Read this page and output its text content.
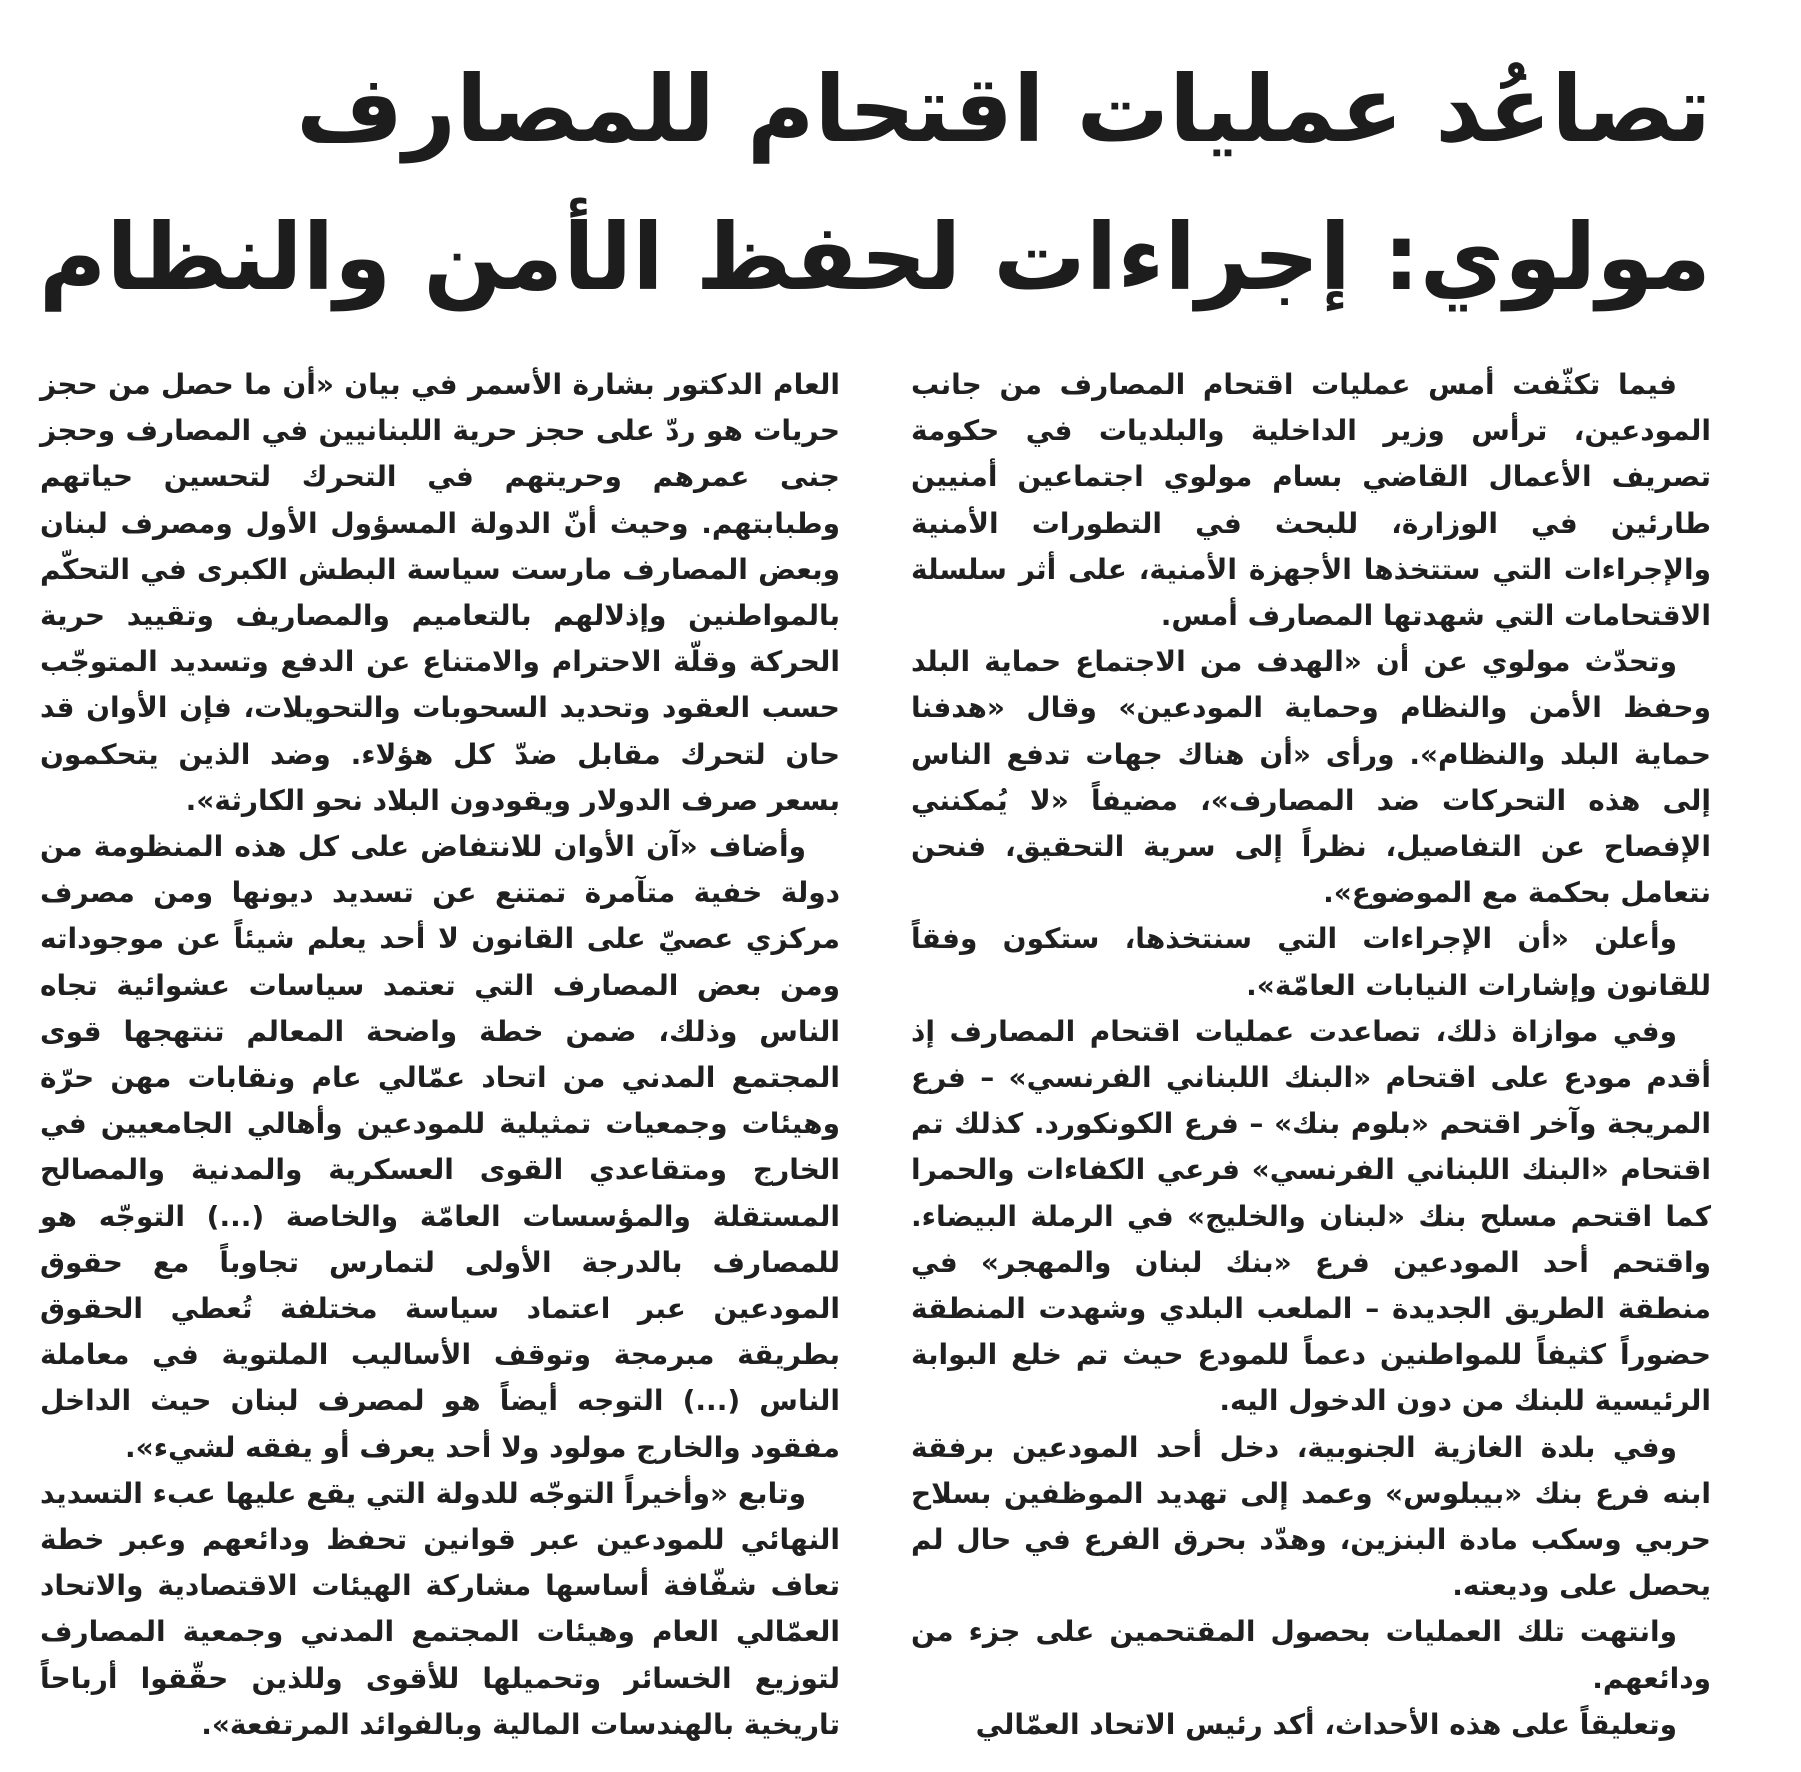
تصاعُد عمليات اقتحام للمصارف
مولوي: إجراءات لحفظ الأمن والنظام

فيما تكثّفت أمس عمليات اقتحام المصارف من جانب المودعين، ترأس وزير الداخلية والبلديات في حكومة تصريف الأعمال القاضي بسام مولوي اجتماعين أمنيين طارئين في الوزارة، للبحث في التطورات الأمنية والإجراءات التي ستتخذها الأجهزة الأمنية، على أثر سلسلة الاقتحامات التي شهدتها المصارف أمس.

وتحدّث مولوي عن أن «الهدف من الاجتماع حماية البلد وحفظ الأمن والنظام وحماية المودعين» وقال «هدفنا حماية البلد والنظام». ورأى «أن هناك جهات تدفع الناس إلى هذه التحركات ضد المصارف»، مضيفاً «لا يُمكنني الإفصاح عن التفاصيل، نظراً إلى سرية التحقيق، فنحن نتعامل بحكمة مع الموضوع».

وأعلن «أن الإجراءات التي سنتخذها، ستكون وفقاً للقانون وإشارات النيابات العامّة».

وفي موازاة ذلك، تصاعدت عمليات اقتحام المصارف إذ أقدم مودع على اقتحام «البنك اللبناني الفرنسي» – فرع المريجة وآخر اقتحم «بلوم بنك» – فرع الكونكورد. كذلك تم اقتحام «البنك اللبناني الفرنسي» فرعي الكفاءات والحمرا كما اقتحم مسلح بنك «لبنان والخليج» في الرملة البيضاء. واقتحم أحد المودعين فرع «بنك لبنان والمهجر» في منطقة الطريق الجديدة – الملعب البلدي وشهدت المنطقة حضوراً كثيفاً للمواطنين دعماً للمودع حيث تم خلع البوابة الرئيسية للبنك من دون الدخول اليه.

وفي بلدة الغازية الجنوبية، دخل أحد المودعين برفقة ابنه فرع بنك «بيبلوس» وعمد إلى تهديد الموظفين بسلاح حربي وسكب مادة البنزين، وهدّد بحرق الفرع في حال لم يحصل على وديعته.

وانتهت تلك العمليات بحصول المقتحمين على جزء من ودائعهم.

وتعليقاً على هذه الأحداث، أكد رئيس الاتحاد العمّالي

العام الدكتور بشارة الأسمر في بيان «أن ما حصل من حجز حريات هو ردّ على حجز حرية اللبنانيين في المصارف وحجز جنى عمرهم وحريتهم في التحرك لتحسين حياتهم وطبابتهم. وحيث أنّ الدولة المسؤول الأول ومصرف لبنان وبعض المصارف مارست سياسة البطش الكبرى في التحكّم بالمواطنين وإذلالهم بالتعاميم والمصاريف وتقييد حرية الحركة وقلّة الاحترام والامتناع عن الدفع وتسديد المتوجّب حسب العقود وتحديد السحوبات والتحويلات، فإن الأوان قد حان لتحرك مقابل ضدّ كل هؤلاء. وضد الذين يتحكمون بسعر صرف الدولار ويقودون البلاد نحو الكارثة».

وأضاف «آن الأوان للانتفاض على كل هذه المنظومة من دولة خفية متآمرة تمتنع عن تسديد ديونها ومن مصرف مركزي عصيّ على القانون لا أحد يعلم شيئاً عن موجوداته ومن بعض المصارف التي تعتمد سياسات عشوائية تجاه الناس وذلك، ضمن خطة واضحة المعالم تنتهجها قوى المجتمع المدني من اتحاد عمّالي عام ونقابات مهن حرّة وهيئات وجمعيات تمثيلية للمودعين وأهالي الجامعيين في الخارج ومتقاعدي القوى العسكرية والمدنية والمصالح المستقلة والمؤسسات العامّة والخاصة (...) التوجّه هو للمصارف بالدرجة الأولى لتمارس تجاوباً مع حقوق المودعين عبر اعتماد سياسة مختلفة تُعطي الحقوق بطريقة مبرمجة وتوقف الأساليب الملتوية في معاملة الناس (...) التوجه أيضاً هو لمصرف لبنان حيث الداخل مفقود والخارج مولود ولا أحد يعرف أو يفقه لشيء».

وتابع «وأخيراً التوجّه للدولة التي يقع عليها عبء التسديد النهائي للمودعين عبر قوانين تحفظ ودائعهم وعبر خطة تعاف شفّافة أساسها مشاركة الهيئات الاقتصادية والاتحاد العمّالي العام وهيئات المجتمع المدني وجمعية المصارف لتوزيع الخسائر وتحميلها للأقوى وللذين حقّقوا أرباحاً تاريخية بالهندسات المالية وبالفوائد المرتفعة».
